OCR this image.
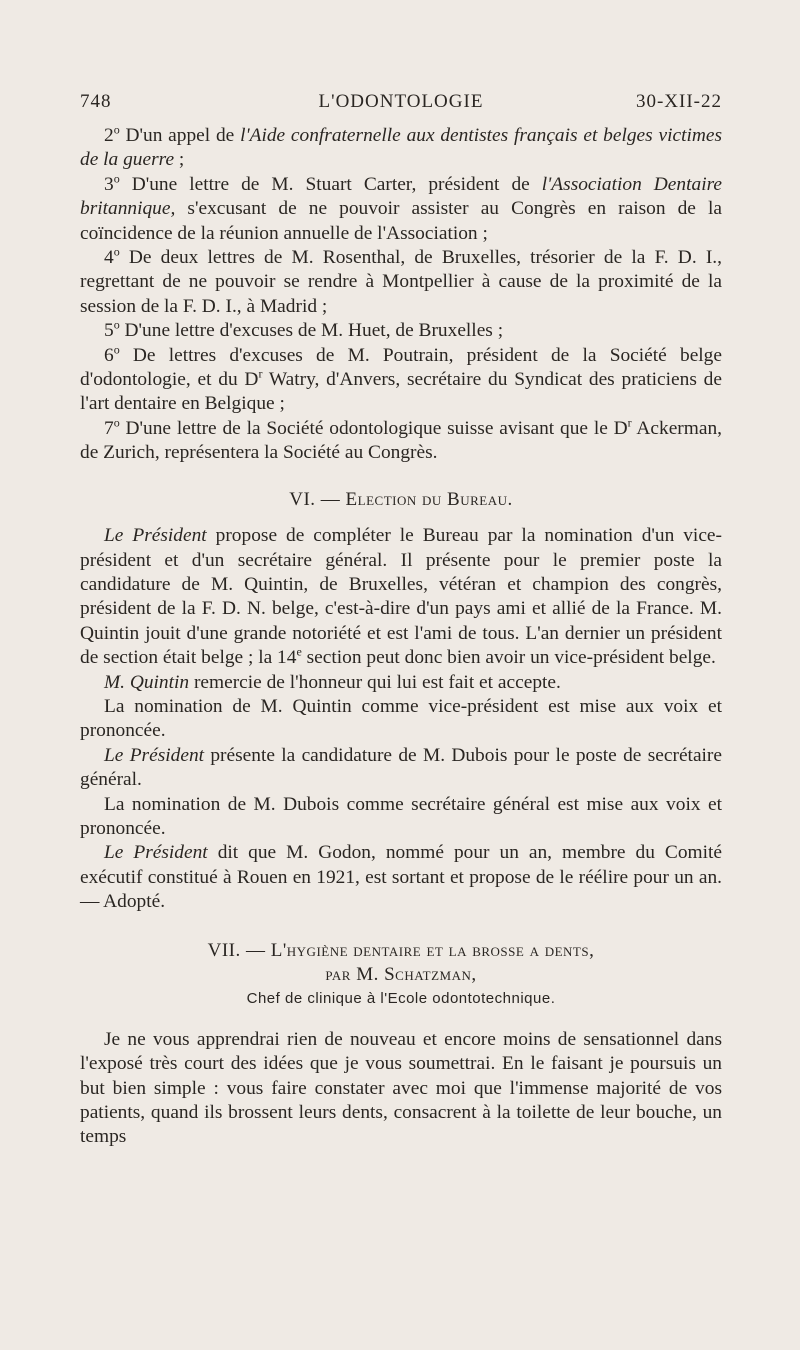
748	L'ODONTOLOGIE	30-XII-22

2$^o$ D'un appel de l'Aide confraternelle aux dentistes français et belges victimes de la guerre ;

3$^o$ D'une lettre de M. Stuart Carter, président de l'Association Dentaire britannique, s'excusant de ne pouvoir assister au Congrès en raison de la coïncidence de la réunion annuelle de l'Association ;

4$^o$ De deux lettres de M. Rosenthal, de Bruxelles, trésorier de la F. D. I., regrettant de ne pouvoir se rendre à Montpellier à cause de la proximité de la session de la F. D. I., à Madrid ;

5$^o$ D'une lettre d'excuses de M. Huet, de Bruxelles ;

6$^o$ De lettres d'excuses de M. Poutrain, président de la Société belge d'odontologie, et du $D^r$ Watry, d'Anvers, secrétaire du Syndicat des praticiens de l'art dentaire en Belgique ;

7$^o$ D'une lettre de la Société odontologique suisse avisant que le $D^r$ Ackerman, de Zurich, représentera la Société au Congrès.

VI. — Election du Bureau.

Le Président propose de compléter le Bureau par la nomination d'un vice-président et d'un secrétaire général. Il présente pour le premier poste la candidature de M. Quintin, de Bruxelles, vétéran et champion des congrès, président de la F. D. N. belge, c'est-à-dire d'un pays ami et allié de la France. M. Quintin jouit d'une grande notoriété et est l'ami de tous. L'an dernier un président de section était belge ; la 14e section peut donc bien avoir un vice-président belge.

M. Quintin remercie de l'honneur qui lui est fait et accepte.

La nomination de M. Quintin comme vice-président est mise aux voix et prononcée.

Le Président présente la candidature de M. Dubois pour le poste de secrétaire général.

La nomination de M. Dubois comme secrétaire général est mise aux voix et prononcée.

Le Président dit que M. Godon, nommé pour un an, membre du Comité exécutif constitué à Rouen en 1921, est sortant et propose de le réélire pour un an. — Adopté.

VII. — L'hygiène dentaire et la brosse a dents,

par M. Schatzman,

Chef de clinique à l'Ecole odontotechnique.

Je ne vous apprendrai rien de nouveau et encore moins de sensationnel dans l'exposé très court des idées que je vous soumettrai. En le faisant je poursuis un but bien simple : vous faire constater avec moi que l'immense majorité de vos patients, quand ils brossent leurs dents, consacrent à la toilette de leur bouche, un temps
